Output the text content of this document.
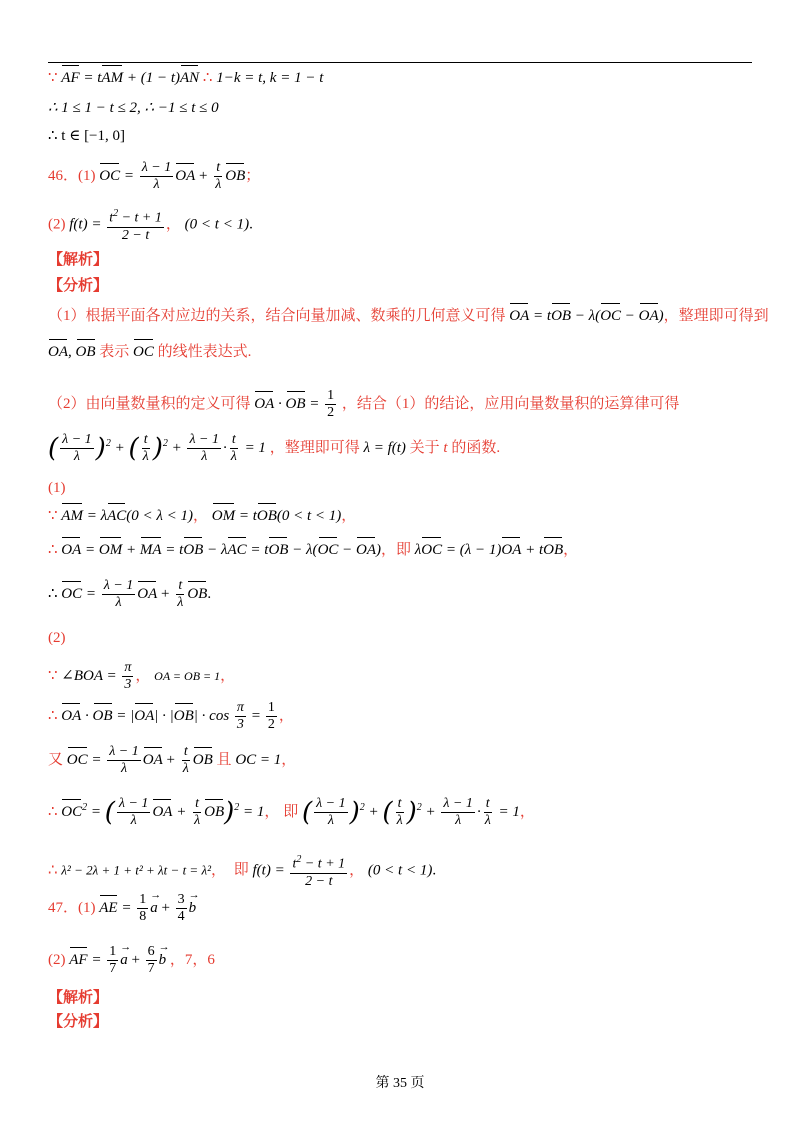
∵ AF = tAM + (1 − t)AN ∴ 1−k = t, k = 1 − t
∴ 1 ≤ 1 − t ≤ 2, ∴ −1 ≤ t ≤ 0
∴ t ∈ [−1, 0]
46．(1) OC = $\frac{\lambda - 1}{\lambda}$ OA + $\frac{t}{\lambda}$ OB；
(2) $f(t) = \frac{t^2 - t + 1}{2 - t}$ ， (0 < t < 1).
【解析】
【分析】
（1）根据平面各对应边的关系，结合向量加减、数乘的几何意义可得 OA = tOB − λ(OC − OA)，整理即可得到
OA, OB 表示 OC 的线性表达式.
（2）由向量数量积的定义可得 OA · OB = $\frac{1}{2}$ ，结合（1）的结论，应用向量数量积的运算律可得
( $\frac{\lambda - 1}{\lambda} )^2$ + ( $\frac{t}{\lambda} )^2 + \frac{\lambda - 1}{\lambda} \cdot \frac{t}{\lambda} = 1$ ，整理即可得 λ = f(t) 关于 t 的函数.
(1)
∵ AM = λAC(0 < λ < 1)， OM = tOB(0 < t < 1)，
∴ OA = OM + MA = tOB − λAC = tOB − λ(OC − OA)，即 λOC = (λ − 1)OA + tOB，
∴ OC = $\frac{\lambda - 1}{\lambda}$ OA + $\frac{t}{\lambda}$ OB.
(2)
∵ ∠BOA = $\frac{\pi}{3}$ ， OA = OB = 1，
∴ OA · OB = $|OA| \cdot |OB| \cdot \cos \frac{\pi}{3} = \frac{1}{2}$ ，
又 OC = $\frac{\lambda - 1}{\lambda}$ OA + $\frac{t}{\lambda}$ OB 且 OC = 1，
∴ $OC^2$ = ( $\frac{\lambda - 1}{\lambda}$ OA + $\frac{t}{\lambda} OB)^2 = 1$， 即 ( $\frac{\lambda - 1}{\lambda} )^2$ + ( $\frac{t}{\lambda} )^2 + \frac{\lambda - 1}{\lambda} \cdot \frac{t}{\lambda} = 1$，
∴ λ² − 2λ + 1 + t² + λt − t = λ²， 即 $f(t) = \frac{t^2 - t + 1}{2 - t}$ ， (0 < t < 1).
47．(1) AE = $\frac{1}{8}$
→ $a + \frac{3}{4}$
→ b
(2) AF = $\frac{1}{7}$
→ $a + \frac{6}{7}$
→ b ，7，6
【解析】
【分析】
第 35 页
